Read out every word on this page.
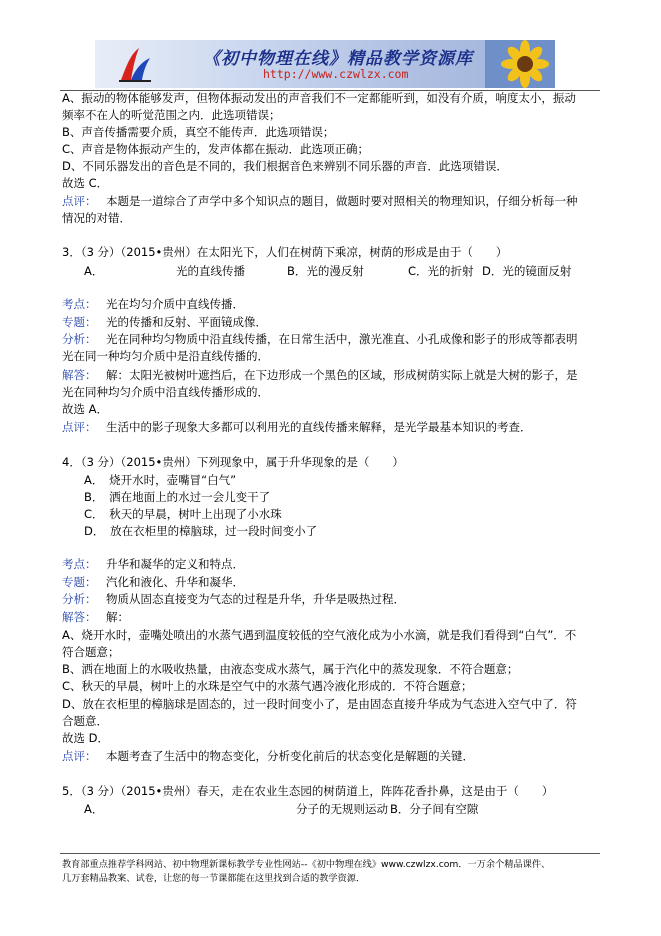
《初中物理在线》精品教学资源库
http://www.czwlzx.com
A、振动的物体能够发声，但物体振动发出的声音我们不一定都能听到，如没有介质，响度太小，振动
频率不在人的听觉范围之内．此选项错误；
B、声音传播需要介质，真空不能传声．此选项错误；
C、声音是物体振动产生的，发声体都在振动．此选项正确；
D、不同乐器发出的音色是不同的，我们根据音色来辨别不同乐器的声音．此选项错误．
故选 C．
点评： 本题是一道综合了声学中多个知识点的题目，做题时要对照相关的物理知识，仔细分析每一种
情况的对错．
3．（3 分）（2015•贵州）在太阳光下，人们在树荫下乘凉，树荫的形成是由于（　　）
A．	光的直线传播	B．光的漫反射	C．光的折射 D．光的镜面反射
考点： 光在均匀介质中直线传播．
专题： 光的传播和反射、平面镜成像．
分析： 光在同种均匀物质中沿直线传播，在日常生活中，激光准直、小孔成像和影子的形成等都表明
光在同一种均匀介质中是沿直线传播的．
解答： 解：太阳光被树叶遮挡后，在下边形成一个黑色的区域，形成树荫实际上就是大树的影子，是
光在同种均匀介质中沿直线传播形成的．
故选 A．
点评： 生活中的影子现象大多都可以利用光的直线传播来解释，是光学最基本知识的考查．
4．（3 分）（2015•贵州）下列现象中，属于升华现象的是（　　）
A．　烧开水时，壶嘴冒“白气”
B．　洒在地面上的水过一会儿变干了
C．　秋天的早晨，树叶上出现了小水珠
D．　放在衣柜里的樟脑球，过一段时间变小了
考点： 升华和凝华的定义和特点．
专题： 汽化和液化、升华和凝华．
分析： 物质从固态直接变为气态的过程是升华，升华是吸热过程．
解答： 解：
A、烧开水时，壶嘴处喷出的水蒸气遇到温度较低的空气液化成为小水滴，就是我们看得到“白气”．不
符合题意；
B、洒在地面上的水吸收热量，由液态变成水蒸气，属于汽化中的蒸发现象．不符合题意；
C、秋天的早晨，树叶上的水珠是空气中的水蒸气遇冷液化形成的．不符合题意；
D、放在衣柜里的樟脑球是固态的，过一段时间变小了，是由固态直接升华成为气态进入空气中了．符
合题意．
故选 D．
点评： 本题考查了生活中的物态变化，分析变化前后的状态变化是解题的关键．
5．（3 分）（2015•贵州）春天，走在农业生态园的树荫道上，阵阵花香扑鼻，这是由于（　　）
A．	分子的无规则运动 B．分子间有空隙
教育部重点推荐学科网站、初中物理新课标教学专业性网站--《初中物理在线》www.czwlzx.com．一万余个精品课件、
几万套精品教案、试卷，让您的每一节课都能在这里找到合适的教学资源．
